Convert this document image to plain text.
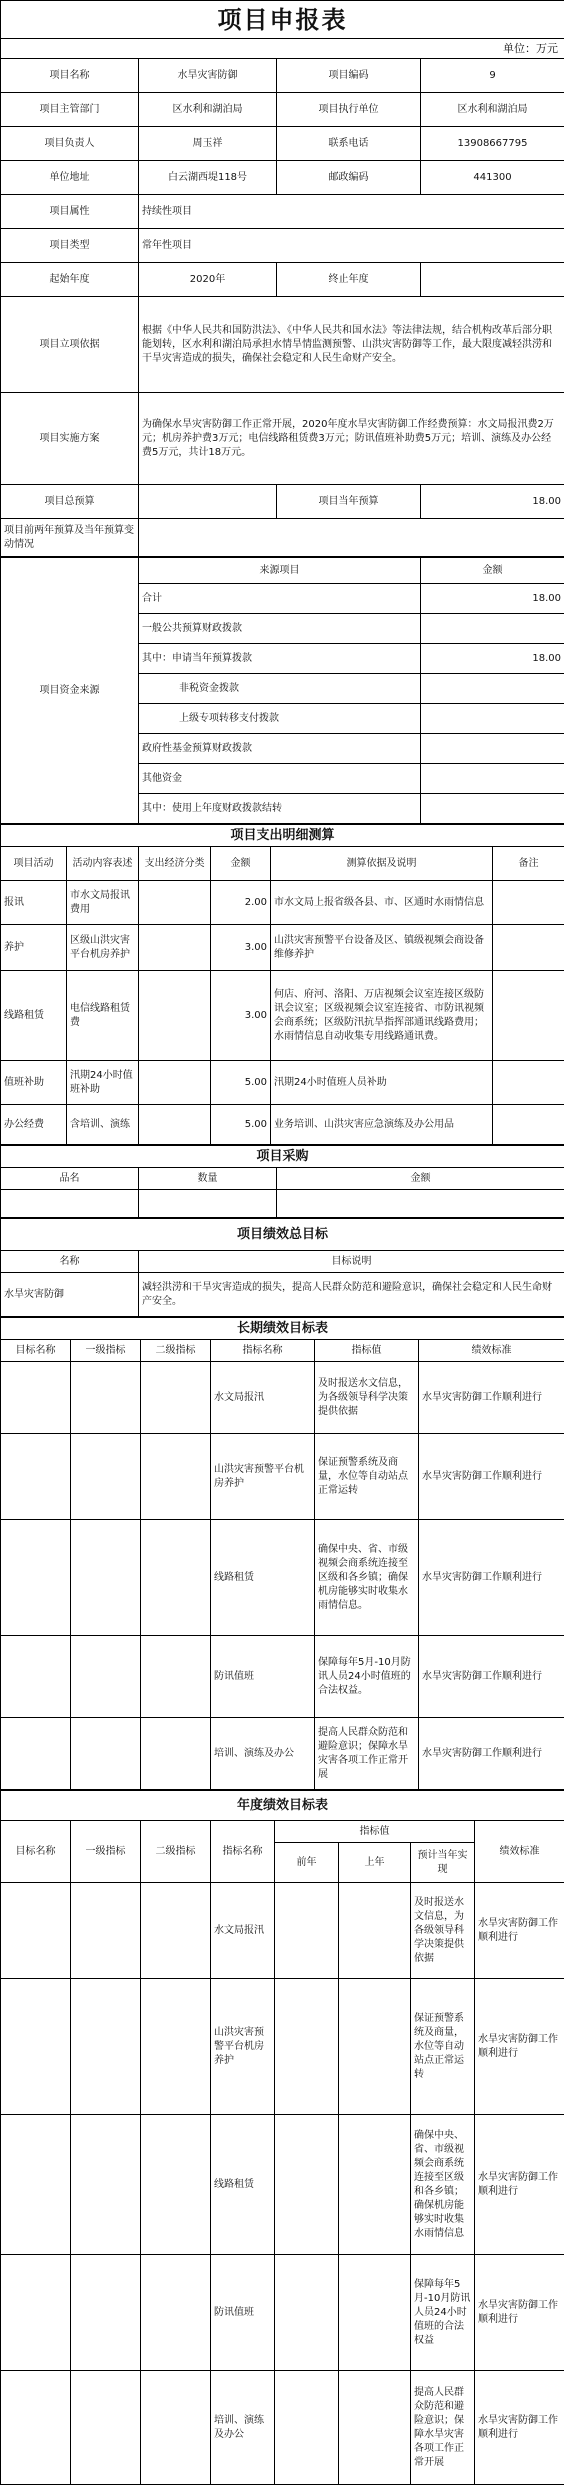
项目申报表			
单位：万元			
项目名称	水旱灾害防御	项目编码	9
项目主管部门	区水利和湖泊局	项目执行单位	区水利和湖泊局
项目负责人	周玉祥	联系电话	13908667795
单位地址	白云湖西堤118号	邮政编码	441300
项目属性	持续性项目		
项目类型	常年性项目		
起始年度	2020年	终止年度	
项目立项依据	根据《中华人民共和国防洪法》、《中华人民共和国水法》等法律法规，结合机构改革后部分职能划转，区水利和湖泊局承担水情旱情监测预警、山洪灾害防御等工作，最大限度减轻洪涝和干旱灾害造成的损失，确保社会稳定和人民生命财产安全。		
项目实施方案	为确保水旱灾害防御工作正常开展，2020年度水旱灾害防御工作经费预算：水文局报汛费2万元；机房养护费3万元；电信线路租赁费3万元；防讯值班补助费5万元；培训、演练及办公经费5万元，共计18万元。		
项目总预算		项目当年预算	18.00
项目前两年预算及当年预算变动情况			
项目资金来源	来源项目	金额
	合计	18.00
	一般公共预算财政拨款	
	其中：申请当年预算拨款	18.00
	非税资金拨款	
	上级专项转移支付拨款	
	政府性基金预算财政拨款	
	其他资金	
	其中：使用上年度财政拨款结转	
项目支出明细测算					
项目活动	活动内容表述	支出经济分类	金额	测算依据及说明	备注
报讯	市水文局报讯费用		2.00	市水文局上报省级各县、市、区通时水雨情信息	
养护	区级山洪灾害平台机房养护		3.00	山洪灾害预警平台设备及区、镇级视频会商设备维修养护	
线路租赁	电信线路租赁费		3.00	何店、府河、洛阳、万店视频会议室连接区级防讯会议室；区级视频会议室连接省、市防讯视频会商系统；区级防汛抗旱指挥部通讯线路费用；水雨情信息自动收集专用线路通讯费。	
值班补助	汛期24小时值班补助		5.00	汛期24小时值班人员补助	
办公经费	含培训、演练		5.00	业务培训、山洪灾害应急演练及办公用品	
项目采购		
品名	数量	金额

项目绩效总目标	
名称	目标说明
水旱灾害防御	减轻洪涝和干旱灾害造成的损失，提高人民群众防范和避险意识，确保社会稳定和人民生命财产安全。
长期绩效目标表					
目标名称	一级指标	二级指标	指标名称	指标值	绩效标准
			水文局报汛	及时报送水文信息，为各级领导科学决策提供依据	水旱灾害防御工作顺利进行
			山洪灾害预警平台机房养护	保证预警系统及商量，水位等自动站点正常运转	水旱灾害防御工作顺利进行
			线路租赁	确保中央、省、市级视频会商系统连接至区级和各乡镇；确保机房能够实时收集水雨情信息。	水旱灾害防御工作顺利进行
			防讯值班	保障每年5月-10月防讯人员24小时值班的合法权益。	水旱灾害防御工作顺利进行
			培训、演练及办公	提高人民群众防范和避险意识；保障水旱灾害各项工作正常开展	水旱灾害防御工作顺利进行
年度绩效目标表							
目标名称	一级指标	二级指标	指标名称	指标值			绩效标准
				前年	上年	预计当年实现	
			水文局报汛			及时报送水文信息，为各级领导科学决策提供依据	水旱灾害防御工作顺利进行
			山洪灾害预警平台机房养护			保证预警系统及商量，水位等自动站点正常运转	水旱灾害防御工作顺利进行
			线路租赁			确保中央、省、市级视频会商系统连接至区级和各乡镇；确保机房能够实时收集水雨情信息	水旱灾害防御工作顺利进行
			防讯值班			保障每年5月-10月防讯人员24小时值班的合法权益	水旱灾害防御工作顺利进行
			培训、演练及办公			提高人民群众防范和避险意识；保障水旱灾害各项工作正常开展	水旱灾害防御工作顺利进行
